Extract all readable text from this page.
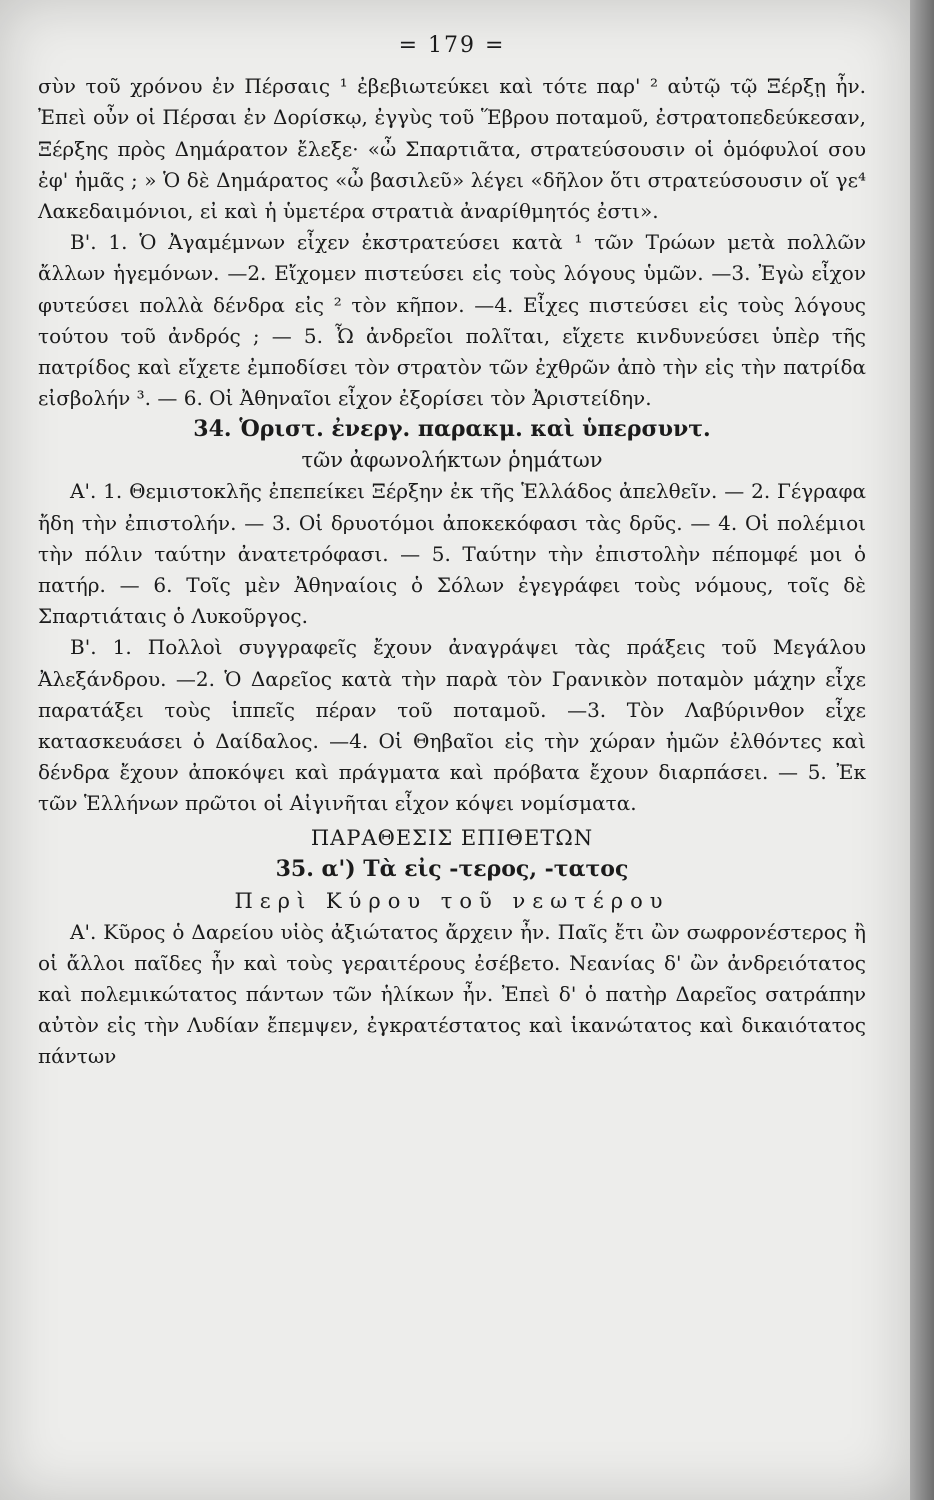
= 179 =

σὺν τοῦ χρόνου ἐν Πέρσαις ¹ ἐβεβιωτεύκει καὶ τότε παρ' ² αὐτῷ τῷ Ξέρξῃ ἦν. Ἐπεὶ οὖν οἱ Πέρσαι ἐν Δορίσκῳ, ἐγγὺς τοῦ Ἕβρου ποταμοῦ, ἐστρατοπεδεύκεσαν, Ξέρξης πρὸς Δημάρατον ἔλεξε· «ὦ Σπαρτιᾶτα, στρατεύσουσιν οἱ ὁμόφυλοί σου ἐφ' ἡμᾶς ; » Ὁ δὲ Δημάρατος «ὦ βασιλεῦ» λέγει «δῆλον ὅτι στρατεύσουσιν οἵ γε⁴ Λακεδαιμόνιοι, εἰ καὶ ἡ ὑμετέρα στρατιὰ ἀναρίθμητός ἐστι».

Β'. 1. Ὁ Ἀγαμέμνων εἶχεν ἐκστρατεύσει κατὰ ¹ τῶν Τρώων μετὰ πολλῶν ἄλλων ἡγεμόνων. —2. Εἴχομεν πιστεύσει εἰς τοὺς λόγους ὑμῶν. —3. Ἐγὼ εἶχον φυτεύσει πολλὰ δένδρα εἰς ² τὸν κῆπον. —4. Εἶχες πιστεύσει εἰς τοὺς λόγους τούτου τοῦ ἀνδρός ; — 5. Ὦ ἀνδρεῖοι πολῖται, εἴχετε κινδυνεύσει ὑπὲρ τῆς πατρίδος καὶ εἴχετε ἐμποδίσει τὸν στρατὸν τῶν ἐχθρῶν ἀπὸ τὴν εἰς τὴν πατρίδα εἰσβολήν ³. — 6. Οἱ Ἀθηναῖοι εἶχον ἐξορίσει τὸν Ἀριστείδην.

34. Ὁριστ. ἐνεργ. παρακμ. καὶ ὑπερσυντ.
τῶν ἀφωνολήκτων ῥημάτων

Α'. 1. Θεμιστοκλῆς ἐπεπείκει Ξέρξην ἐκ τῆς Ἑλλάδος ἀπελθεῖν. — 2. Γέγραφα ἤδη τὴν ἐπιστολήν. — 3. Οἱ δρυοτόμοι ἀποκεκόφασι τὰς δρῦς. — 4. Οἱ πολέμιοι τὴν πόλιν ταύτην ἀνατετρόφασι. — 5. Ταύτην τὴν ἐπιστολὴν πέπομφέ μοι ὁ πατήρ. — 6. Τοῖς μὲν Ἀθηναίοις ὁ Σόλων ἐγεγράφει τοὺς νόμους, τοῖς δὲ Σπαρτιάταις ὁ Λυκοῦργος.

Β'. 1. Πολλοὶ συγγραφεῖς ἔχουν ἀναγράψει τὰς πράξεις τοῦ Μεγάλου Ἀλεξάνδρου. —2. Ὁ Δαρεῖος κατὰ τὴν παρὰ τὸν Γρανικὸν ποταμὸν μάχην εἶχε παρατάξει τοὺς ἱππεῖς πέραν τοῦ ποταμοῦ. —3. Τὸν Λαβύρινθον εἶχε κατασκευάσει ὁ Δαίδαλος. —4. Οἱ Θηβαῖοι εἰς τὴν χώραν ἡμῶν ἐλθόντες καὶ δένδρα ἔχουν ἀποκόψει καὶ πράγματα καὶ πρόβατα ἔχουν διαρπάσει. — 5. Ἐκ τῶν Ἑλλήνων πρῶτοι οἱ Αἰγινῆται εἶχον κόψει νομίσματα.

ΠΑΡΑΘΕΣΙΣ ΕΠΙΘΕΤΩΝ
35. α') Τὰ εἰς -τερος, -τατος
Περὶ Κύρου τοῦ νεωτέρου

Α'. Κῦρος ὁ Δαρείου υἱὸς ἀξιώτατος ἄρχειν ἦν. Παῖς ἔτι ὢν σωφρονέστερος ἢ οἱ ἄλλοι παῖδες ἦν καὶ τοὺς γεραιτέρους ἐσέβετο. Νεανίας δ' ὢν ἀνδρειότατος καὶ πολεμικώτατος πάντων τῶν ἡλίκων ἦν. Ἐπεὶ δ' ὁ πατὴρ Δαρεῖος σατράπην αὐτὸν εἰς τὴν Λυδίαν ἔπεμψεν, ἐγκρατέστατος καὶ ἱκανώτατος καὶ δικαιότατος πάντων
